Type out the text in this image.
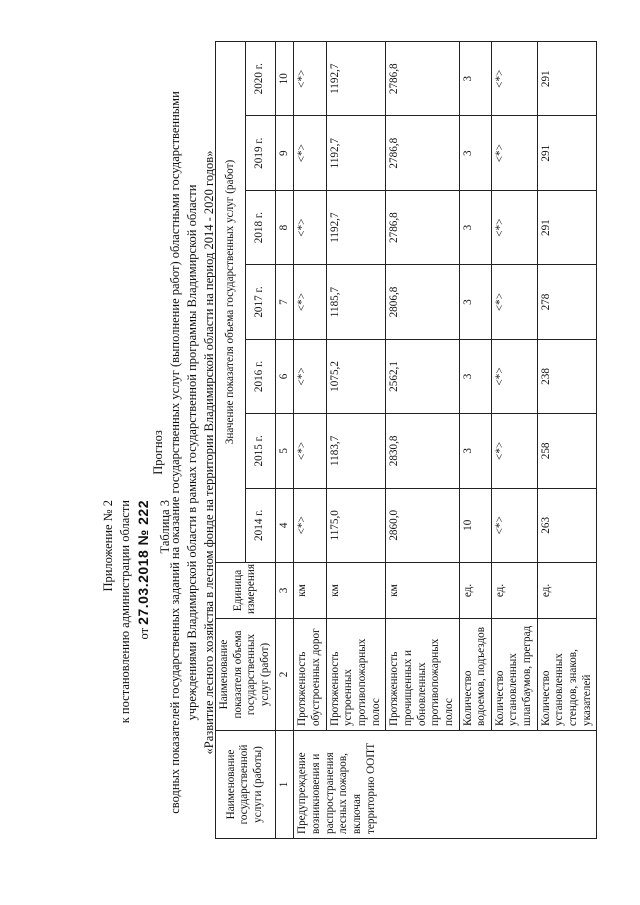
Приложение № 2 к постановлению администрации области от 27.03.2018 № 222 Таблица 3
Прогноз сводных показателей государственных заданий на оказание государственных услуг (выполнение работ) областными государственными учреждениями Владимирской области в рамках государственной программы Владимирской области «Развитие лесного хозяйства в лесном фонде на территории Владимирской области на период 2014 - 2020 годов»
Наименование государственной услуги (работы)	Наименование показателя объема государственных услуг (работ)	Единица измерения	Значение показателя объема государственных услуг (работ)						
			2014 г.	2015 г.	2016 г.	2017 г.	2018 г.	2019 г.	2020 г.
1	2	3	4	5	6	7	8	9	10
Предупреждение возникновения и распространения лесных пожаров, включая территорию ООПТ	Протяженность обустроенных дорог	км	<*>	<*>	<*>	<*>	<*>	<*>	<*>
	Протяженность устроенных противопожарных полос	км	1175,0	1183,7	1075,2	1185,7	1192,7	1192,7	1192,7
	Протяженность прочищенных и обновленных противопожарных полос	км	2860,0	2830,8	2562,1	2806,8	2786,8	2786,8	2786,8
	Количество водоемов, подъездов	ед.	10	3	3	3	3	3	3
	Количество установленных шлагбаумов, преград	ед.	<*>	<*>	<*>	<*>	<*>	<*>	<*>
	Количество установленных стендов, знаков, указателей	ед.	263	258	238	278	291	291	291
